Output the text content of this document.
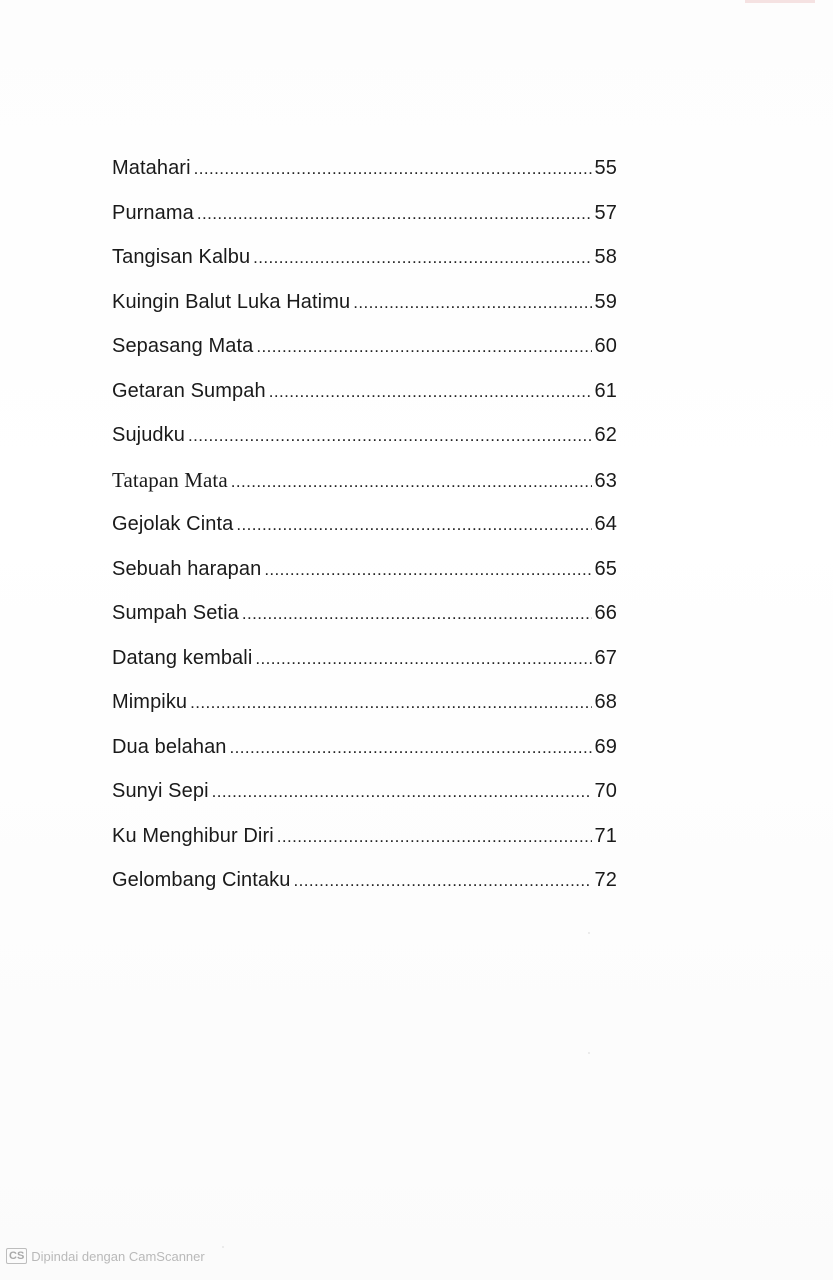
Matahari .....	55
Purnama .....	57
Tangisan Kalbu .....	58
Kuingin Balut Luka Hatimu .....	59
Sepasang Mata .....	60
Getaran Sumpah .....	61
Sujudku .....	62
Tatapan Mata .....	63
Gejolak Cinta .....	64
Sebuah harapan .....	65
Sumpah Setia .....	66
Datang kembali .....	67
Mimpiku .....	68
Dua belahan .....	69
Sunyi Sepi .....	70
Ku Menghibur Diri .....	71
Gelombang Cintaku .....	72
CS Dipindai dengan CamScanner
